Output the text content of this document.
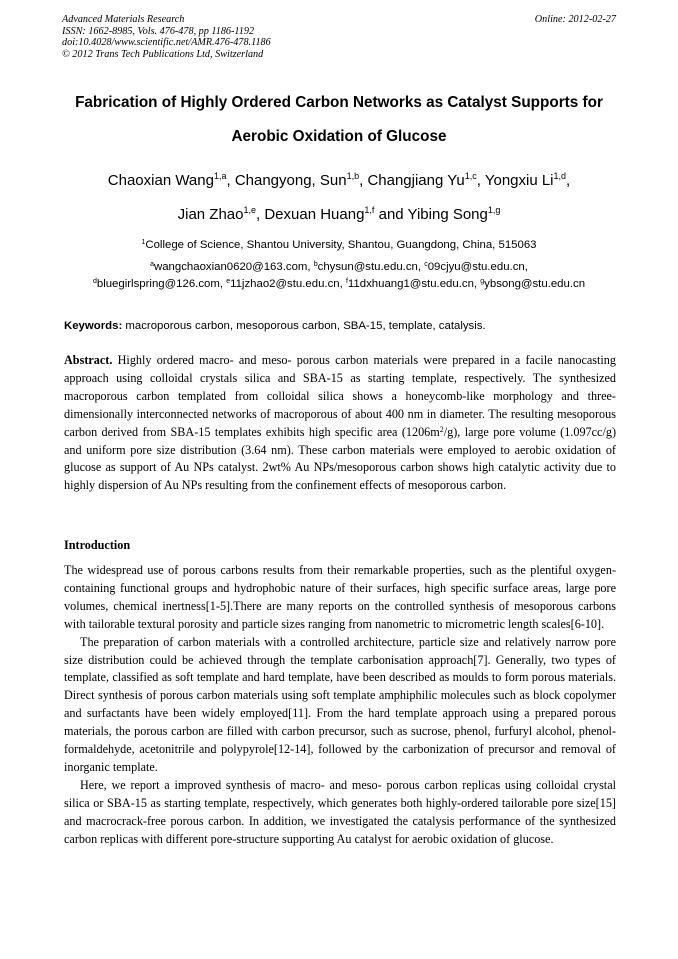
Advanced Materials Research
ISSN: 1662-8985, Vols. 476-478, pp 1186-1192
doi:10.4028/www.scientific.net/AMR.476-478.1186
© 2012 Trans Tech Publications Ltd, Switzerland
Online: 2012-02-27
Fabrication of Highly Ordered Carbon Networks as Catalyst Supports for
Aerobic Oxidation of Glucose
Chaoxian Wang$^{1,a}$, Changyong, Sun$^{1,b}$, Changjiang Yu$^{1,c}$, Yongxiu Li$^{1,d}$,
Jian Zhao$^{1,e}$, Dexuan Huang$^{1,f}$ and Yibing Song$^{1,g}$
$^1$College of Science, Shantou University, Shantou, Guangdong, China, 515063
$^a$wangchaoxian0620@163.com, $^b$chysun@stu.edu.cn, $^c$09cjyu@stu.edu.cn,
$^d$bluegirlspring@126.com, $^e$11jzhao2@stu.edu.cn, $^f$11dxhuang1@stu.edu.cn, $^g$ybsong@stu.edu.cn
Keywords: macroporous carbon, mesoporous carbon, SBA-15, template, catalysis.
Abstract. Highly ordered macro- and meso- porous carbon materials were prepared in a facile nanocasting approach using colloidal crystals silica and SBA-15 as starting template, respectively. The synthesized macroporous carbon templated from colloidal silica shows a honeycomb-like morphology and three-dimensionally interconnected networks of macroporous of about 400 nm in diameter. The resulting mesoporous carbon derived from SBA-15 templates exhibits high specific area $(1206m^2/g)$, large pore volume (1.097cc/g) and uniform pore size distribution (3.64 nm). These carbon materials were employed to aerobic oxidation of glucose as support of Au NPs catalyst. 2wt% Au NPs/mesoporous carbon shows high catalytic activity due to highly dispersion of Au NPs resulting from the confinement effects of mesoporous carbon.
Introduction

The widespread use of porous carbons results from their remarkable properties, such as the plentiful oxygen-containing functional groups and hydrophobic nature of their surfaces, high specific surface areas, large pore volumes, chemical inertness[1-5].There are many reports on the controlled synthesis of mesoporous carbons with tailorable textural porosity and particle sizes ranging from nanometric to micrometric length scales[6-10].

The preparation of carbon materials with a controlled architecture, particle size and relatively narrow pore size distribution could be achieved through the template carbonisation approach[7]. Generally, two types of template, classified as soft template and hard template, have been described as moulds to form porous materials. Direct synthesis of porous carbon materials using soft template amphiphilic molecules such as block copolymer and surfactants have been widely employed[11]. From the hard template approach using a prepared porous materials, the porous carbon are filled with carbon precursor, such as sucrose, phenol, furfuryl alcohol, phenol-formaldehyde, acetonitrile and polypyrole[12-14], followed by the carbonization of precursor and removal of inorganic template.

Here, we report a improved synthesis of macro- and meso- porous carbon replicas using colloidal crystal silica or SBA-15 as starting template, respectively, which generates both highly-ordered tailorable pore size[15] and macrocrack-free porous carbon. In addition, we investigated the catalysis performance of the synthesized carbon replicas with different pore-structure supporting Au catalyst for aerobic oxidation of glucose.
